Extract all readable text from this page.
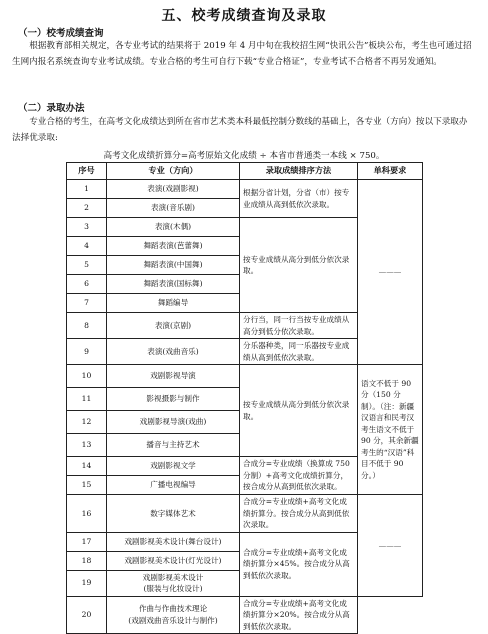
五、校考成绩查询及录取
（一）校考成绩查询

根据教育部相关规定，各专业考试的结果将于 2019 年 4 月中旬在我校招生网“快讯公告”板块公布，考生也可通过招生网内报名系统查询专业考试成绩。专业合格的考生可自行下载“专业合格证”，专业考试不合格者不再另发通知。

（二）录取办法

专业合格的考生，在高考文化成绩达到所在省市艺术类本科最低控制分数线的基础上，各专业（方向）按以下录取办法择优录取:

高考文化成绩折算分=高考原始文化成绩 ÷ 本省市普通类一本线 × 750。
序号	专业（方向）	录取成绩排序方法	单科要求
1	表演(戏剧影视)	根据分省计划，分省（市）按专业成绩从高到低依次录取。	———
2	表演(音乐剧)		
3	表演(木偶)	按专业成绩从高分到低分依次录取。	
4	舞蹈表演(芭蕾舞)		
5	舞蹈表演(中国舞)		
6	舞蹈表演(国标舞)		
7	舞蹈编导		
8	表演(京剧)	分行当，同一行当按专业成绩从高分到低分依次录取。	
9	表演(戏曲音乐)	分乐器种类，同一乐器按专业成绩从高到低依次录取。	
10	戏剧影视导演	按专业成绩从高分到低分依次录取。	语文不低于 90 分（150 分制）。（注：新疆汉语言和民考汉考生语文不低于 90 分，其余新疆考生的“汉语”科目不低于 90 分。）
11	影视摄影与制作		
12	戏剧影视导演(戏曲)		
13	播音与主持艺术		
14	戏剧影视文学	合成分=专业成绩（换算成 750 分制）+高考文化成绩折算分，按合成分从高到低依次录取。	
15	广播电视编导		
16	数字媒体艺术	合成分=专业成绩+高考文化成绩折算分。按合成分从高到低依次录取。	———
17	戏剧影视美术设计(舞台设计)	合成分=专业成绩+高考文化成绩折算分×45%。按合成分从高到低依次录取。	
18	戏剧影视美术设计(灯光设计)		
19	戏剧影视美术设计
(服装与化妆设计)		
20	作曲与作曲技术理论
(戏剧戏曲音乐设计与制作)	合成分=专业成绩+高考文化成绩折算分×20%。按合成分从高到低依次录取。	
